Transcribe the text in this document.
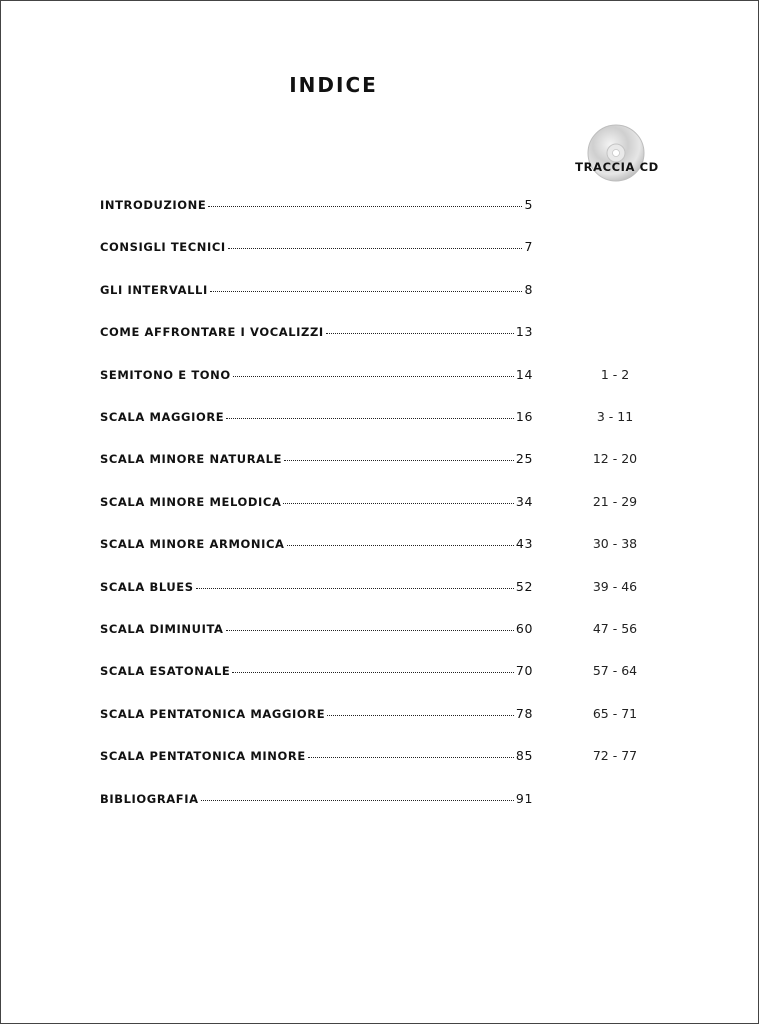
INDICE
TRACCIA CD
INTRODUZIONE	5
CONSIGLI TECNICI	7
GLI INTERVALLI	8
COME AFFRONTARE I VOCALIZZI	13
SEMITONO E TONO	14	1 - 2
SCALA MAGGIORE	16	3 - 11
SCALA MINORE NATURALE	25	12 - 20
SCALA MINORE MELODICA	34	21 - 29
SCALA MINORE ARMONICA	43	30 - 38
SCALA BLUES	52	39 - 46
SCALA DIMINUITA	60	47 - 56
SCALA ESATONALE	70	57 - 64
SCALA PENTATONICA MAGGIORE	78	65 - 71
SCALA PENTATONICA MINORE	85	72 - 77
BIBLIOGRAFIA	91
